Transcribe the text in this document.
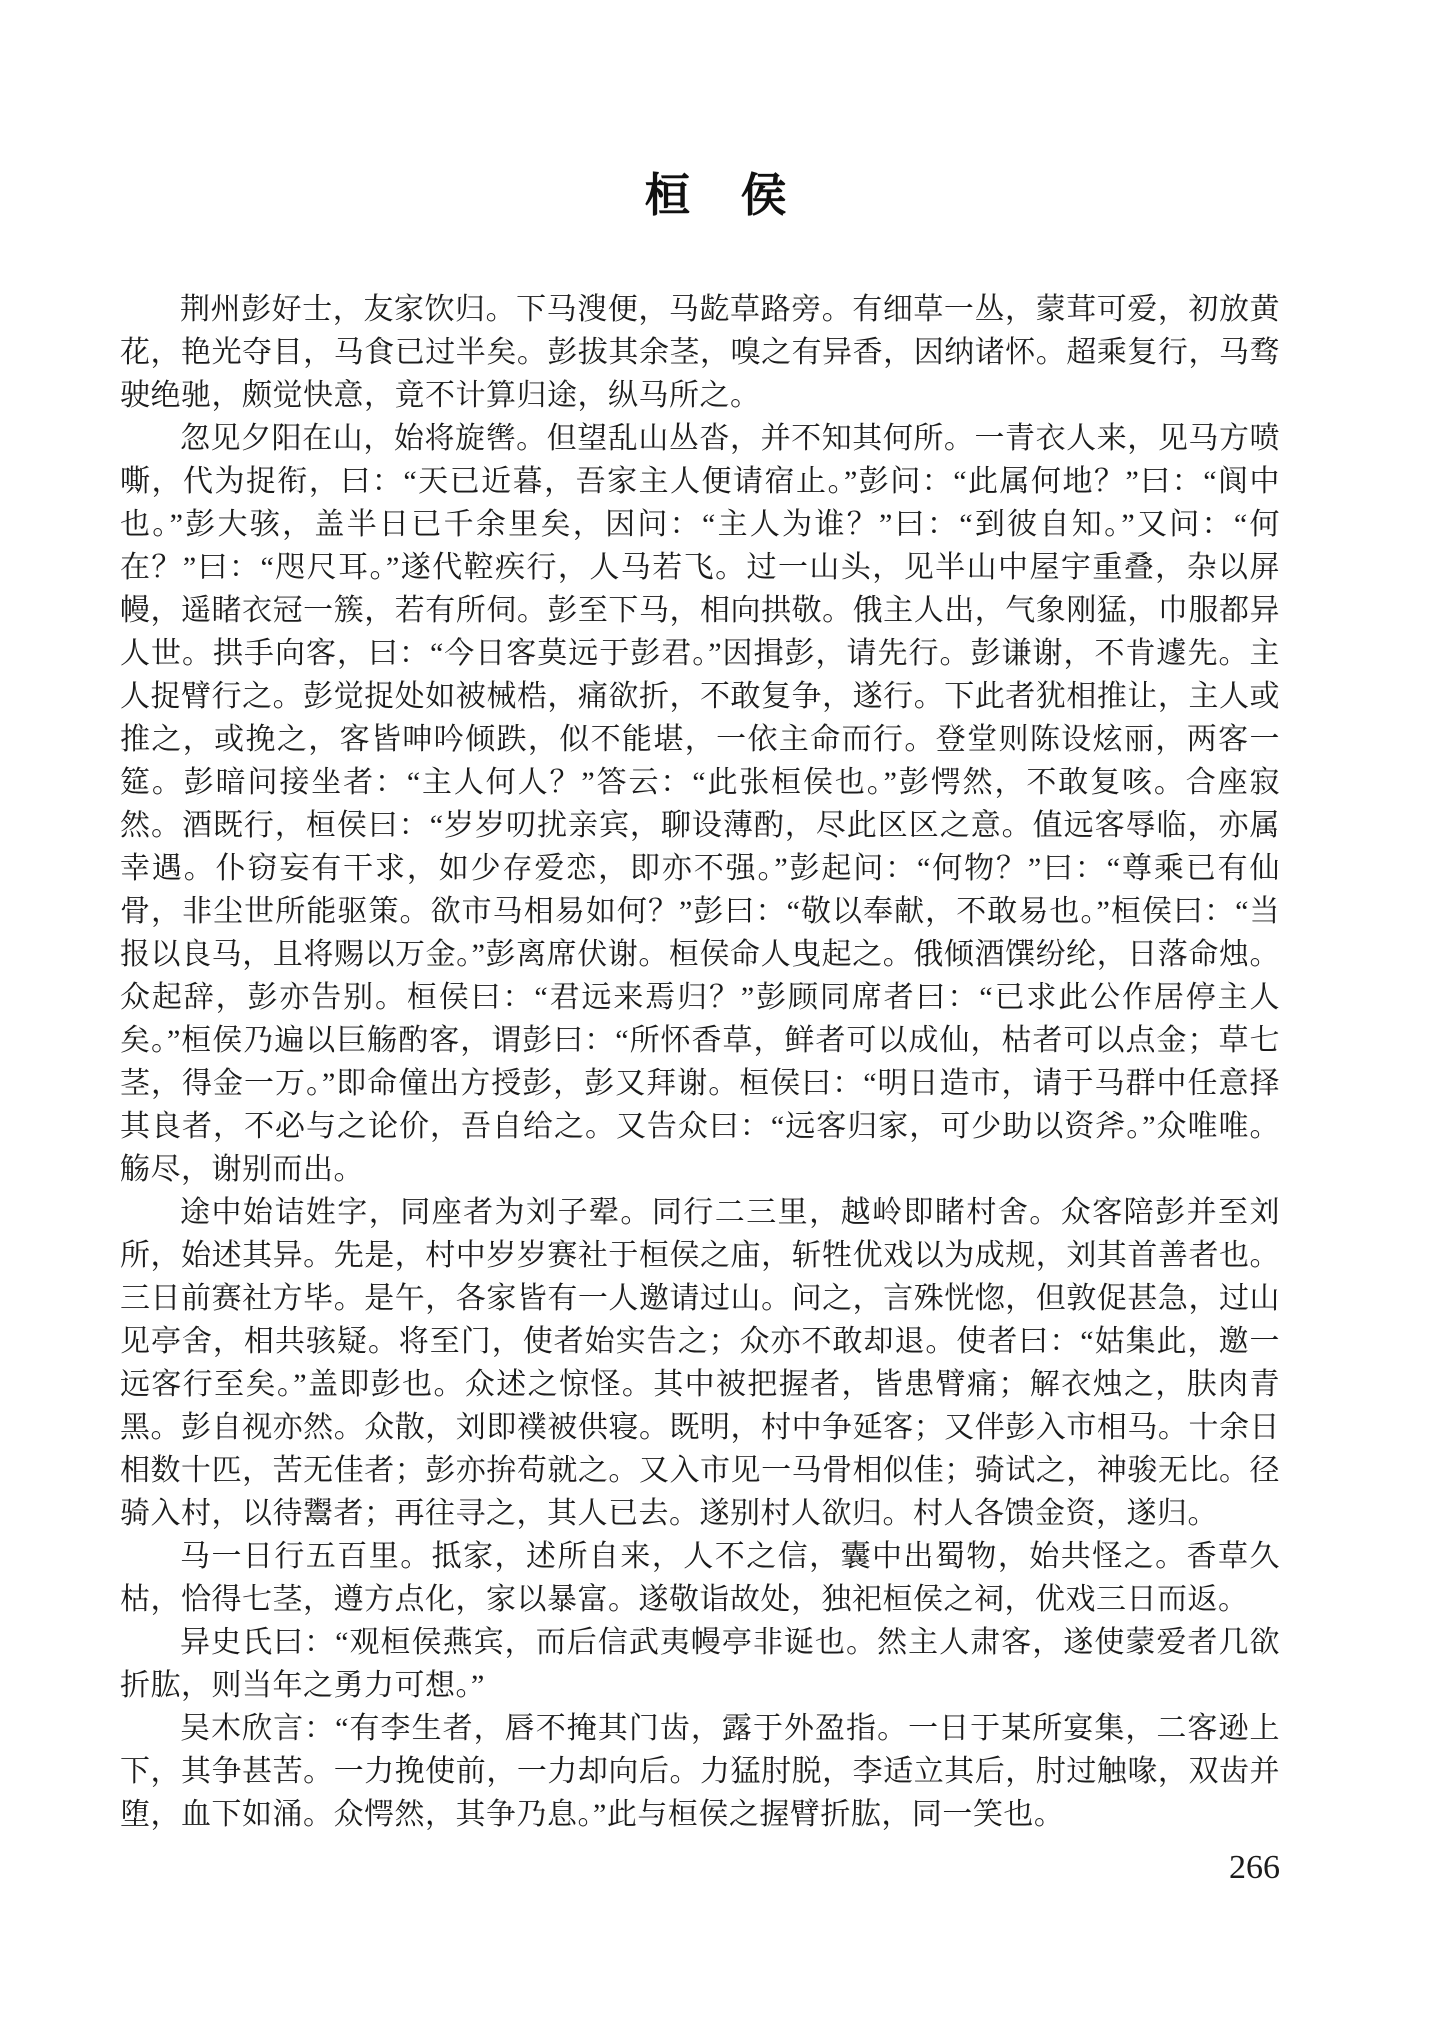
桓　侯

荆州彭好士，友家饮归。下马溲便，马龁草路旁。有细草一丛，蒙茸可爱，初放黄花，艳光夺目，马食已过半矣。彭拔其余茎，嗅之有异香，因纳诸怀。超乘复行，马骛驶绝驰，颇觉快意，竟不计算归途，纵马所之。

忽见夕阳在山，始将旋辔。但望乱山丛沓，并不知其何所。一青衣人来，见马方喷嘶，代为捉衔，曰：“天已近暮，吾家主人便请宿止。”彭问：“此属何地？”曰：“阆中也。”彭大骇，盖半日已千余里矣，因问：“主人为谁？”曰：“到彼自知。”又问：“何在？”曰：“咫尺耳。”遂代鞚疾行，人马若飞。过一山头，见半山中屋宇重叠，杂以屏幔，遥睹衣冠一簇，若有所伺。彭至下马，相向拱敬。俄主人出，气象刚猛，巾服都异人世。拱手向客，曰：“今日客莫远于彭君。”因揖彭，请先行。彭谦谢，不肯遽先。主人捉臂行之。彭觉捉处如被械梏，痛欲折，不敢复争，遂行。下此者犹相推让，主人或推之，或挽之，客皆呻吟倾跌，似不能堪，一依主命而行。登堂则陈设炫丽，两客一筵。彭暗问接坐者：“主人何人？”答云：“此张桓侯也。”彭愕然，不敢复咳。合座寂然。酒既行，桓侯曰：“岁岁叨扰亲宾，聊设薄酌，尽此区区之意。值远客辱临，亦属幸遇。仆窃妄有干求，如少存爱恋，即亦不强。”彭起问：“何物？”曰：“尊乘已有仙骨，非尘世所能驱策。欲市马相易如何？”彭曰：“敬以奉献，不敢易也。”桓侯曰：“当报以良马，且将赐以万金。”彭离席伏谢。桓侯命人曳起之。俄倾酒馔纷纶，日落命烛。众起辞，彭亦告别。桓侯曰：“君远来焉归？”彭顾同席者曰：“已求此公作居停主人矣。”桓侯乃遍以巨觞酌客，谓彭曰：“所怀香草，鲜者可以成仙，枯者可以点金；草七茎，得金一万。”即命僮出方授彭，彭又拜谢。桓侯曰：“明日造市，请于马群中任意择其良者，不必与之论价，吾自给之。又告众曰：“远客归家，可少助以资斧。”众唯唯。觞尽，谢别而出。

途中始诘姓字，同座者为刘子翚。同行二三里，越岭即睹村舍。众客陪彭并至刘所，始述其异。先是，村中岁岁赛社于桓侯之庙，斩牲优戏以为成规，刘其首善者也。三日前赛社方毕。是午，各家皆有一人邀请过山。问之，言殊恍惚，但敦促甚急，过山见亭舍，相共骇疑。将至门，使者始实告之；众亦不敢却退。使者曰：“姑集此，邀一远客行至矣。”盖即彭也。众述之惊怪。其中被把握者，皆患臂痛；解衣烛之，肤肉青黑。彭自视亦然。众散，刘即襆被供寝。既明，村中争延客；又伴彭入市相马。十余日相数十匹，苦无佳者；彭亦拚苟就之。又入市见一马骨相似佳；骑试之，神骏无比。径骑入村，以待鬻者；再往寻之，其人已去。遂别村人欲归。村人各馈金资，遂归。

马一日行五百里。抵家，述所自来，人不之信，囊中出蜀物，始共怪之。香草久枯，恰得七茎，遵方点化，家以暴富。遂敬诣故处，独祀桓侯之祠，优戏三日而返。

异史氏曰：“观桓侯燕宾，而后信武夷幔亭非诞也。然主人肃客，遂使蒙爱者几欲折肱，则当年之勇力可想。”

吴木欣言：“有李生者，唇不掩其门齿，露于外盈指。一日于某所宴集，二客逊上下，其争甚苦。一力挽使前，一力却向后。力猛肘脱，李适立其后，肘过触喙，双齿并堕，血下如涌。众愕然，其争乃息。”此与桓侯之握臂折肱，同一笑也。

266
